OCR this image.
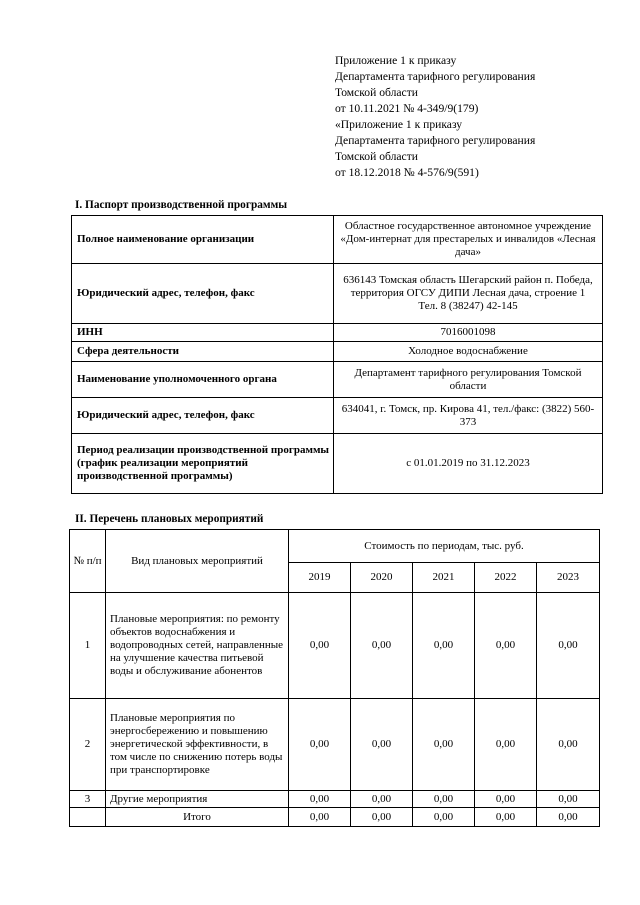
Приложение 1 к приказу
Департамента тарифного регулирования
Томской области
от 10.11.2021 № 4-349/9(179)
«Приложение 1 к приказу
Департамента тарифного регулирования
Томской области
от 18.12.2018 № 4-576/9(591)
I. Паспорт производственной программы
Полное наименование организации	Областное государственное автономное учреждение «Дом-интернат для престарелых и инвалидов «Лесная дача»
Юридический адрес, телефон, факс	636143 Томская область Шегарский район п. Победа, территория ОГСУ ДИПИ Лесная дача, строение 1
Тел. 8 (38247) 42-145

ИНН	7016001098
Сфера деятельности	Холодное водоснабжение
Наименование уполномоченного органа	Департамент тарифного регулирования Томской области
Юридический адрес, телефон, факс	634041, г. Томск, пр. Кирова 41, тел./факс: (3822) 560-373
Период реализации производственной программы (график реализации мероприятий производственной программы)	с 01.01.2019 по 31.12.2023
II. Перечень плановых мероприятий
№ п/п	Вид плановых мероприятий	Стоимость по периодам, тыс. руб.				
		2019	2020	2021	2022	2023
1	Плановые мероприятия: по ремонту объектов водоснабжения и водопроводных сетей, направленные на улучшение качества питьевой воды и обслуживание абонентов	0,00	0,00	0,00	0,00	0,00
2	Плановые мероприятия по энергосбережению и повышению энергетической эффективности, в том числе по снижению потерь воды при транспортировке	0,00	0,00	0,00	0,00	0,00
3	Другие мероприятия	0,00	0,00	0,00	0,00	0,00
	Итого	0,00	0,00	0,00	0,00	0,00
